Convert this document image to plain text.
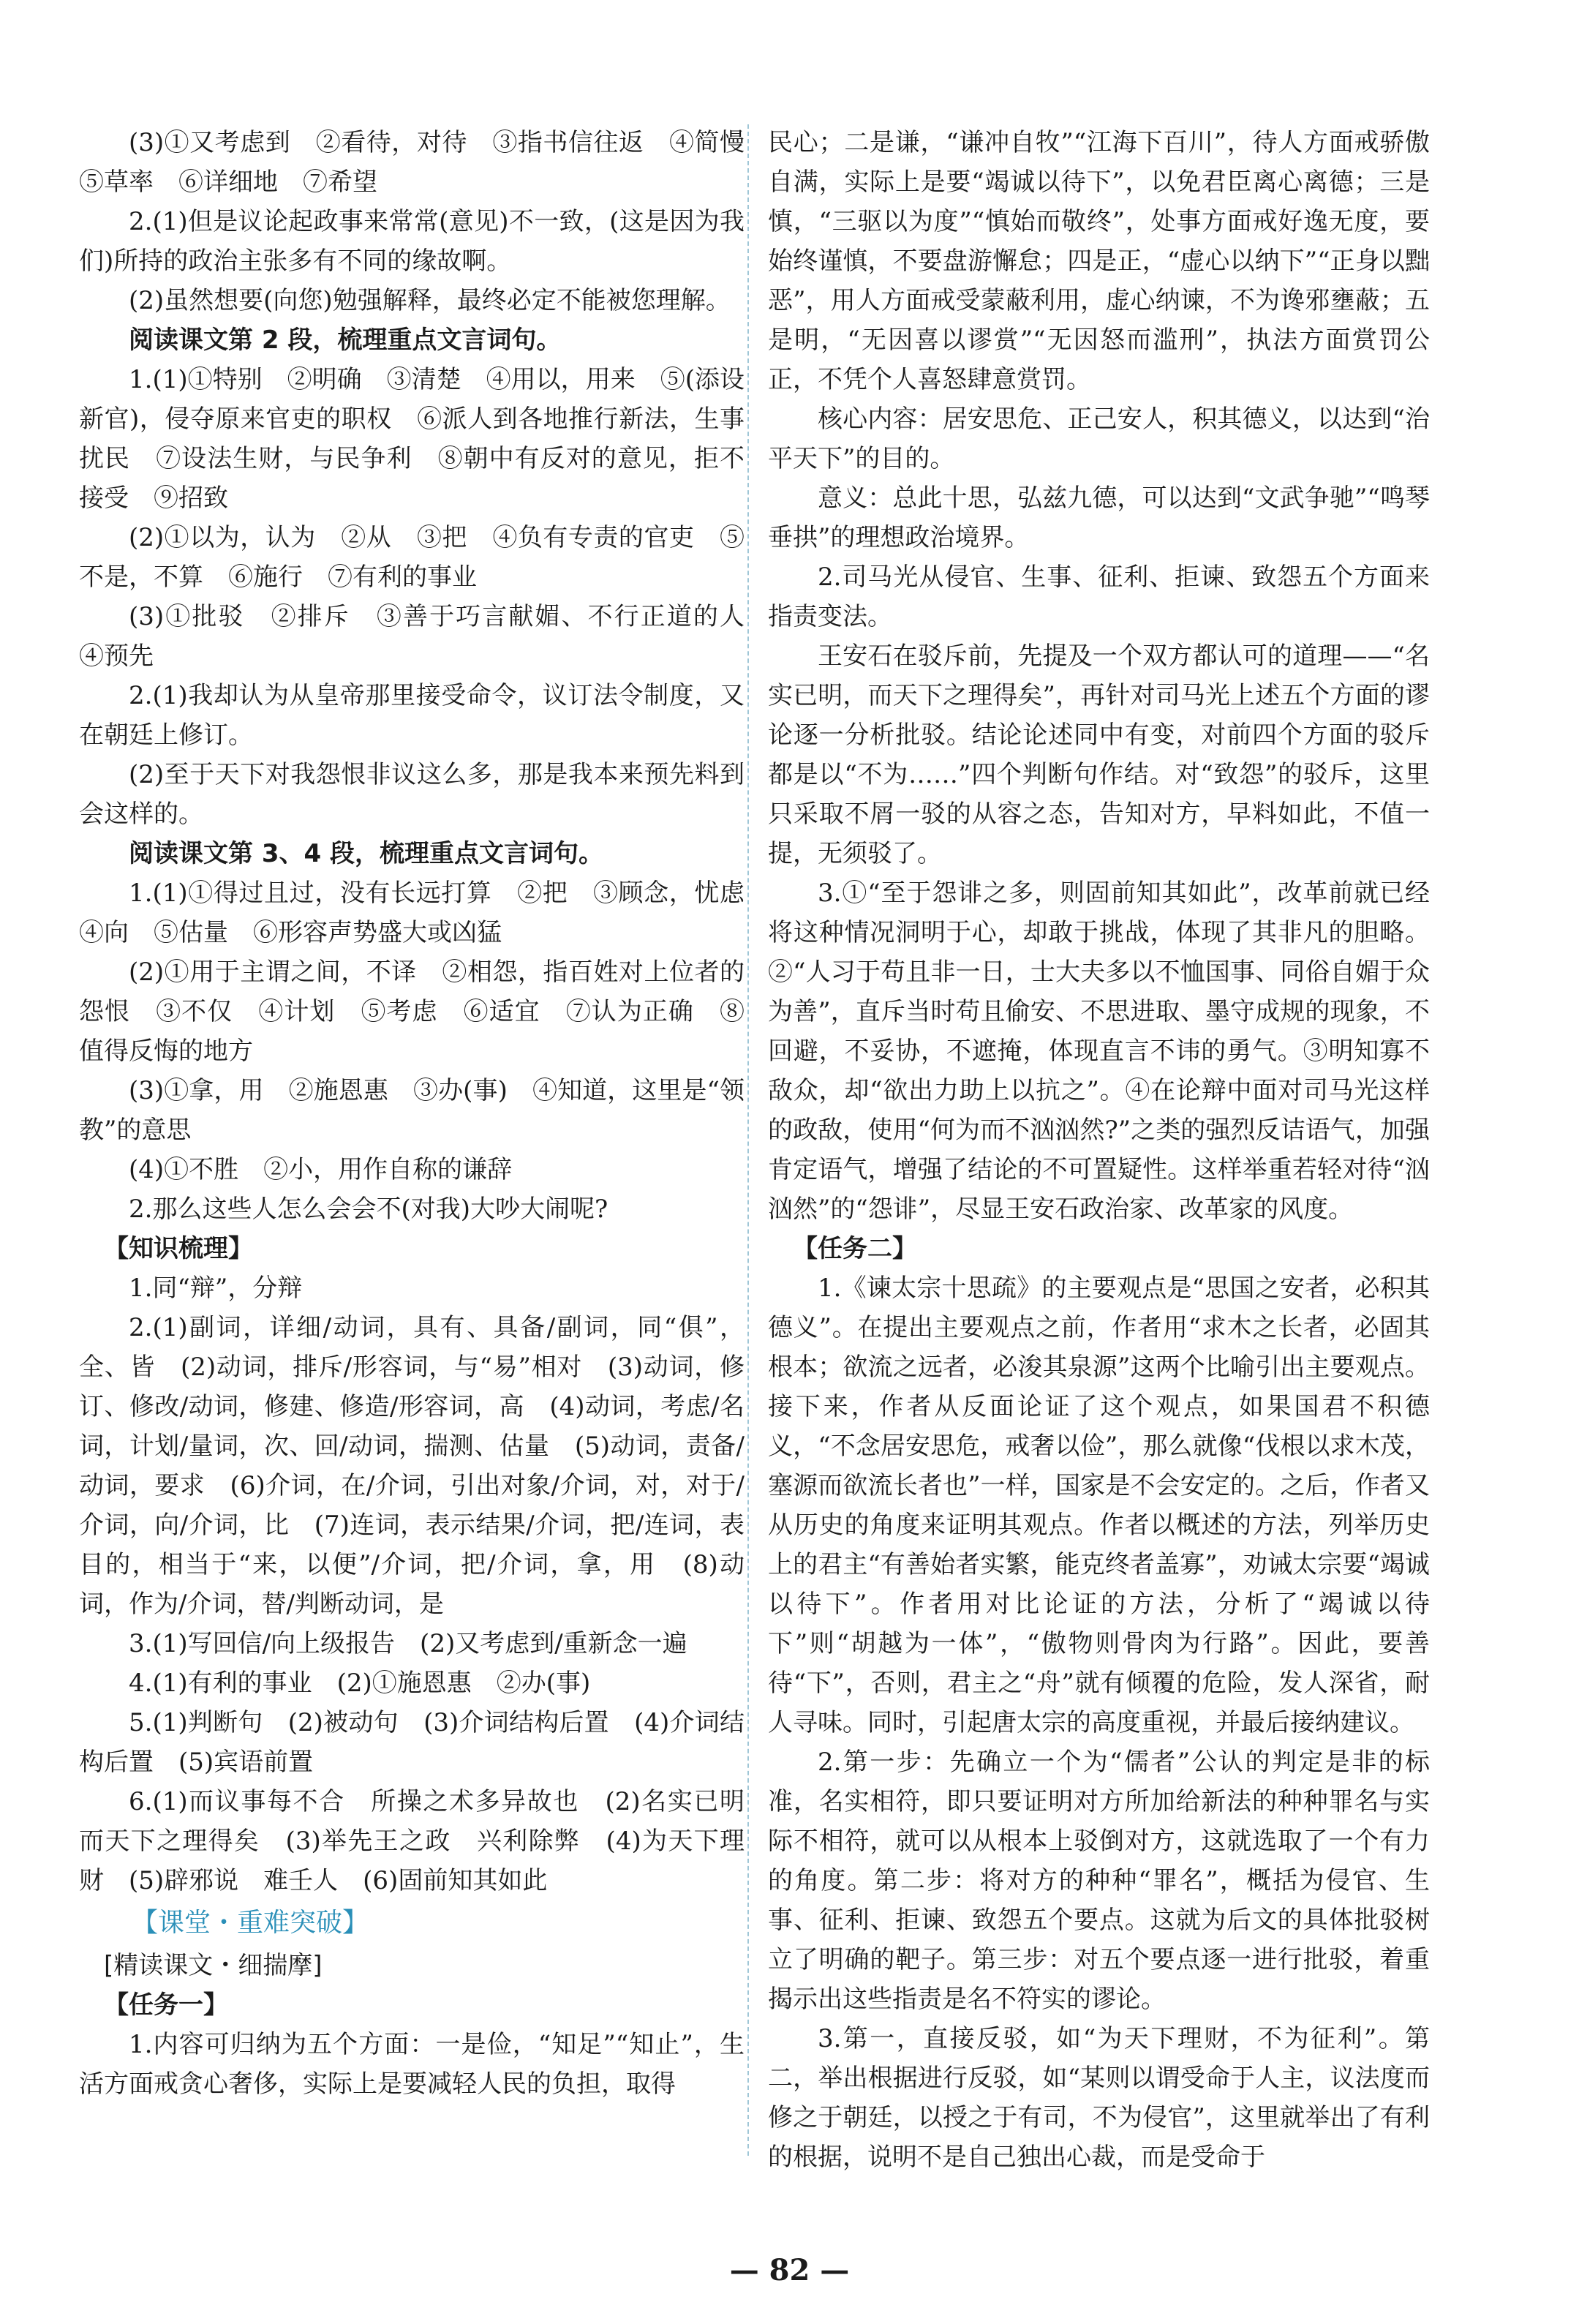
(3)①又考虑到　②看待，对待　③指书信往返　④简慢　⑤草率　⑥详细地　⑦希望

2.(1)但是议论起政事来常常(意见)不一致，(这是因为我们)所持的政治主张多有不同的缘故啊。

(2)虽然想要(向您)勉强解释，最终必定不能被您理解。

阅读课文第 2 段，梳理重点文言词句。

1.(1)①特别　②明确　③清楚　④用以，用来　⑤(添设新官)，侵夺原来官吏的职权　⑥派人到各地推行新法，生事扰民　⑦设法生财，与民争利　⑧朝中有反对的意见，拒不接受　⑨招致

(2)①以为，认为　②从　③把　④负有专责的官吏　⑤不是，不算　⑥施行　⑦有利的事业

(3)①批驳　②排斥　③善于巧言献媚、不行正道的人　④预先

2.(1)我却认为从皇帝那里接受命令，议订法令制度，又在朝廷上修订。

(2)至于天下对我怨恨非议这么多，那是我本来预先料到会这样的。

阅读课文第 3、4 段，梳理重点文言词句。

1.(1)①得过且过，没有长远打算　②把　③顾念，忧虑　④向　⑤估量　⑥形容声势盛大或凶猛

(2)①用于主谓之间，不译　②相怨，指百姓对上位者的怨恨　③不仅　④计划　⑤考虑　⑥适宜　⑦认为正确　⑧值得反悔的地方

(3)①拿，用　②施恩惠　③办(事)　④知道，这里是“领教”的意思

(4)①不胜　②小，用作自称的谦辞

2.那么这些人怎么会会不(对我)大吵大闹呢?

【知识梳理】

1.同“辩”，分辩

2.(1)副词，详细/动词，具有、具备/副词，同“俱”，全、皆　(2)动词，排斥/形容词，与“易”相对　(3)动词，修订、修改/动词，修建、修造/形容词，高　(4)动词，考虑/名词，计划/量词，次、回/动词，揣测、估量　(5)动词，责备/动词，要求　(6)介词，在/介词，引出对象/介词，对，对于/介词，向/介词，比　(7)连词，表示结果/介词，把/连词，表目的，相当于“来，以便”/介词，把/介词，拿，用　(8)动词，作为/介词，替/判断动词，是

3.(1)写回信/向上级报告　(2)又考虑到/重新念一遍

4.(1)有利的事业　(2)①施恩惠　②办(事)

5.(1)判断句　(2)被动句　(3)介词结构后置　(4)介词结构后置　(5)宾语前置

6.(1)而议事每不合　所操之术多异故也　(2)名实已明　而天下之理得矣　(3)举先王之政　兴利除弊　(4)为天下理财　(5)辟邪说　难壬人　(6)固前知其如此

【课堂・重难突破】

[精读课文・细揣摩]

【任务一】

1.内容可归纳为五个方面：一是俭，“知足”“知止”，生活方面戒贪心奢侈，实际上是要减轻人民的负担，取得

民心；二是谦，“谦冲自牧”“江海下百川”，待人方面戒骄傲自满，实际上是要“竭诚以待下”，以免君臣离心离德；三是慎，“三驱以为度”“慎始而敬终”，处事方面戒好逸无度，要始终谨慎，不要盘游懈怠；四是正，“虚心以纳下”“正身以黜恶”，用人方面戒受蒙蔽利用，虚心纳谏，不为谗邪壅蔽；五是明，“无因喜以谬赏”“无因怒而滥刑”，执法方面赏罚公正，不凭个人喜怒肆意赏罚。

核心内容：居安思危、正己安人，积其德义，以达到“治平天下”的目的。

意义：总此十思，弘兹九德，可以达到“文武争驰”“鸣琴垂拱”的理想政治境界。

2.司马光从侵官、生事、征利、拒谏、致怨五个方面来指责变法。

王安石在驳斥前，先提及一个双方都认可的道理——“名实已明，而天下之理得矣”，再针对司马光上述五个方面的谬论逐一分析批驳。结论论述同中有变，对前四个方面的驳斥都是以“不为……”四个判断句作结。对“致怨”的驳斥，这里只采取不屑一驳的从容之态，告知对方，早料如此，不值一提，无须驳了。

3.①“至于怨诽之多，则固前知其如此”，改革前就已经将这种情况洞明于心，却敢于挑战，体现了其非凡的胆略。②“人习于苟且非一日，士大夫多以不恤国事、同俗自媚于众为善”，直斥当时苟且偷安、不思进取、墨守成规的现象，不回避，不妥协，不遮掩，体现直言不讳的勇气。③明知寡不敌众，却“欲出力助上以抗之”。④在论辩中面对司马光这样的政敌，使用“何为而不汹汹然?”之类的强烈反诘语气，加强肯定语气，增强了结论的不可置疑性。这样举重若轻对待“汹汹然”的“怨诽”，尽显王安石政治家、改革家的风度。

【任务二】

1.《谏太宗十思疏》的主要观点是“思国之安者，必积其德义”。在提出主要观点之前，作者用“求木之长者，必固其根本；欲流之远者，必浚其泉源”这两个比喻引出主要观点。接下来，作者从反面论证了这个观点，如果国君不积德义，“不念居安思危，戒奢以俭”，那么就像“伐根以求木茂，塞源而欲流长者也”一样，国家是不会安定的。之后，作者又从历史的角度来证明其观点。作者以概述的方法，列举历史上的君主“有善始者实繁，能克终者盖寡”，劝诫太宗要“竭诚以待下”。作者用对比论证的方法，分析了“竭诚以待下”则“胡越为一体”，“傲物则骨肉为行路”。因此，要善待“下”，否则，君主之“舟”就有倾覆的危险，发人深省，耐人寻味。同时，引起唐太宗的高度重视，并最后接纳建议。

2.第一步：先确立一个为“儒者”公认的判定是非的标准，名实相符，即只要证明对方所加给新法的种种罪名与实际不相符，就可以从根本上驳倒对方，这就选取了一个有力的角度。第二步：将对方的种种“罪名”，概括为侵官、生事、征利、拒谏、致怨五个要点。这就为后文的具体批驳树立了明确的靶子。第三步：对五个要点逐一进行批驳，着重揭示出这些指责是名不符实的谬论。

3.第一，直接反驳，如“为天下理财，不为征利”。第二，举出根据进行反驳，如“某则以谓受命于人主，议法度而修之于朝廷，以授之于有司，不为侵官”，这里就举出了有利的根据，说明不是自己独出心裁，而是受命于

— 82 —
